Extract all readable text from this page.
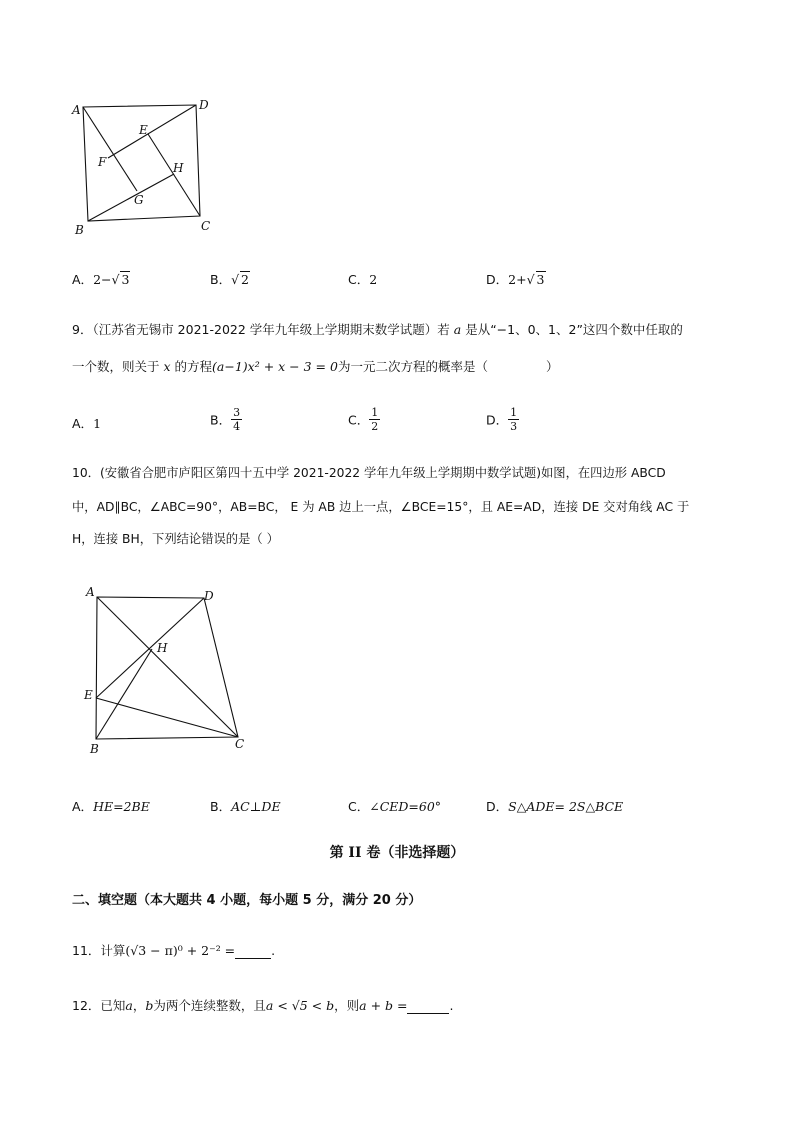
A	D
E
F	H
G
B	C
A．2−√ 3	B．√ 2	C．2	D．2+√ 3
9．（江苏省无锡市 2021-2022 学年九年级上学期期末数学试题）若 a 是从“−1、0、1、2”这四个数中任取的
一个数，则关于 x 的方程(a−1)x² + x − 3 = 0为一元二次方程的概率是（	）
A．1	B． $\frac{3}{4}$	C． $\frac{1}{2}$	D． $\frac{1}{3}$
10．(安徽省合肥市庐阳区第四十五中学 2021-2022 学年九年级上学期期中数学试题)如图，在四边形 ABCD
中，AD∥BC，∠ABC=90°，AB=BC， E 为 AB 边上一点，∠BCE=15°，且 AE=AD，连接 DE 交对角线 AC 于
H，连接 BH，下列结论错误的是（ ）
A	D
H
E
B	C
A．HE=2BE	B．AC⊥DE	C．∠CED=60°	D．S△ADE= 2S△BCE
第 II 卷（非选择题）
二、填空题（本大题共 4 小题，每小题 5 分，满分 20 分）
11．计算(√3 − π)⁰ + 2⁻² =	.
12．已知a，b为两个连续整数，且a < √5 < b，则a + b =	.
